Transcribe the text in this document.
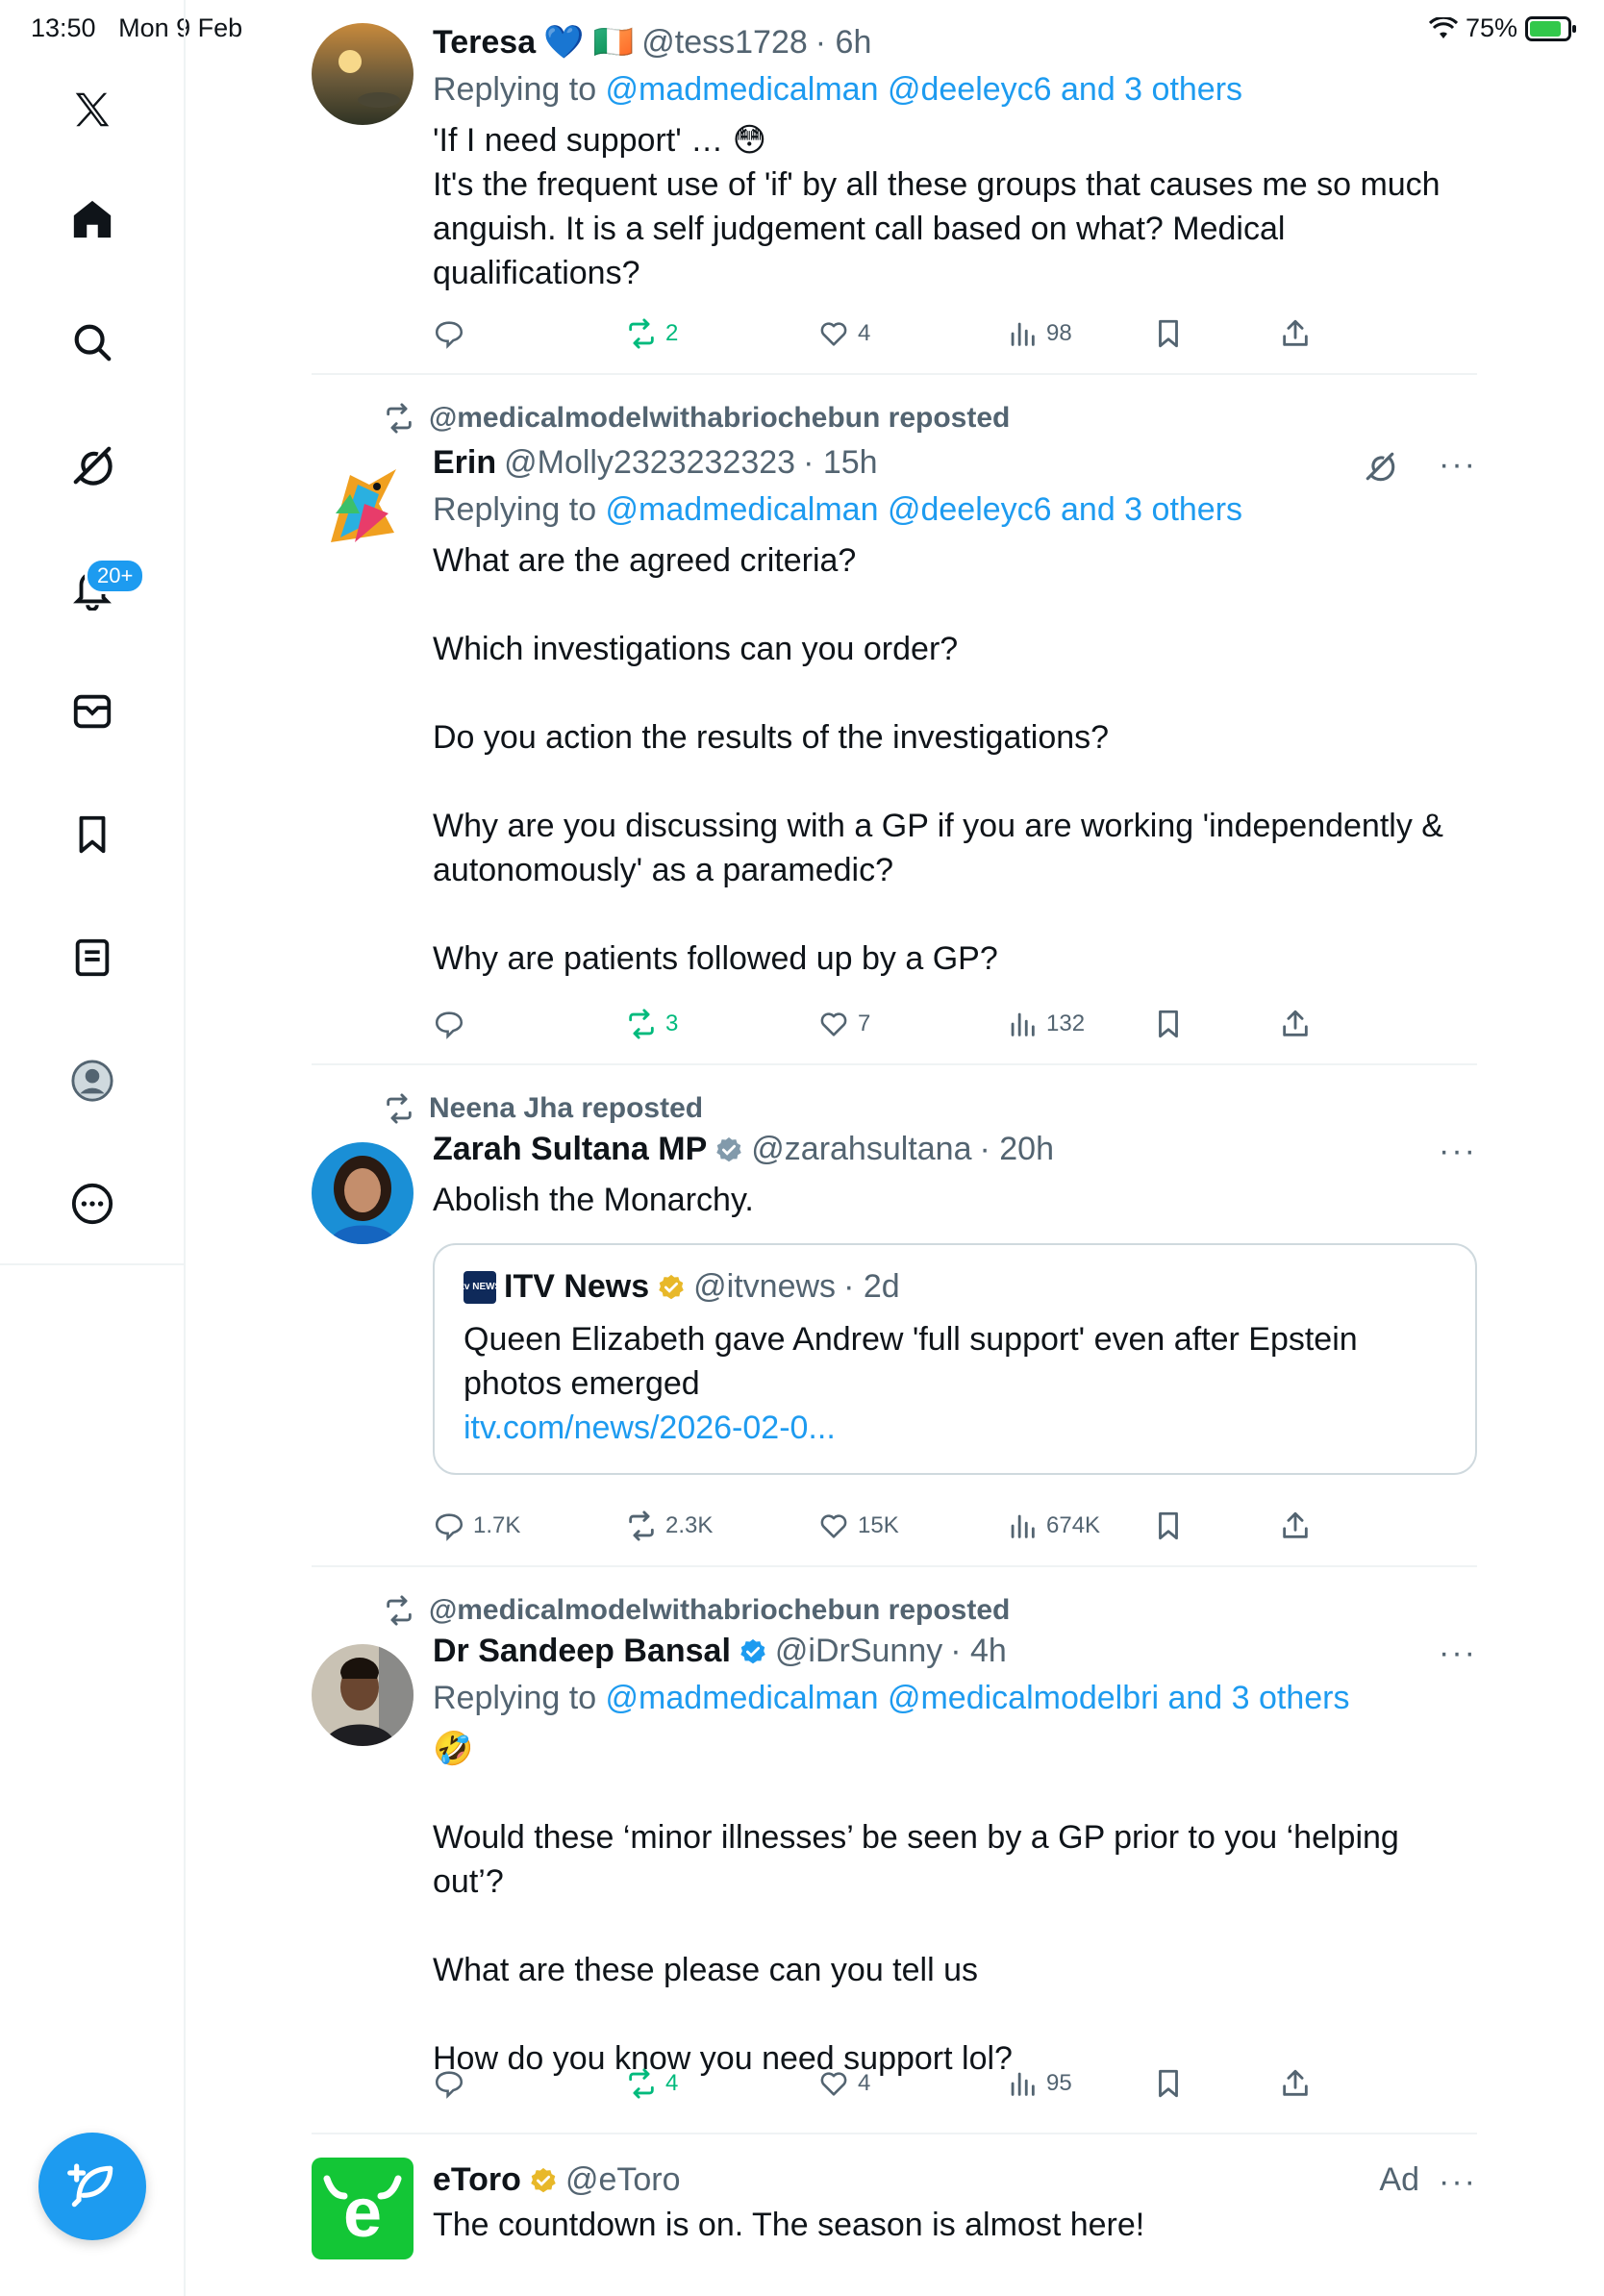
13:50 Mon 9 Feb	75%
20+
Teresa 💙 🇮🇪 @tess1728 · 6h
Replying to @madmedicalman @deeleyc6 and 3 others
'If I need support' … 😳
It's the frequent use of 'if' by all these groups that causes me so much anguish. It is a self judgement call based on what? Medical qualifications?
2	4	98
@medicalmodelwithabriochebun reposted
Erin @Molly2323232323 · 15h
Replying to @madmedicalman @deeleyc6 and 3 others
What are the agreed criteria?

Which investigations can you order?

Do you action the results of the investigations?

Why are you discussing with a GP if you are working 'independently & autonomously' as a paramedic?

Why are patients followed up by a GP?
···
3	7	132
Neena Jha reposted
Zarah Sultana MP @zarahsultana · 20h
Abolish the Monarchy.
itv NEWS ITV News @itvnews · 2d
Queen Elizabeth gave Andrew 'full support' even after Epstein photos emerged
itv.com/news/2026-02-0...
···
1.7K	2.3K	15K	674K
@medicalmodelwithabriochebun reposted
Dr Sandeep Bansal @iDrSunny · 4h
Replying to @madmedicalman @medicalmodelbri and 3 others
🤣

Would these ‘minor illnesses’ be seen by a GP prior to you ‘helping out’?

What are these please can you tell us

How do you know you need support lol?
···
4	4	95
e eToro @eToro
The countdown is on. The season is almost here!
Ad ···
